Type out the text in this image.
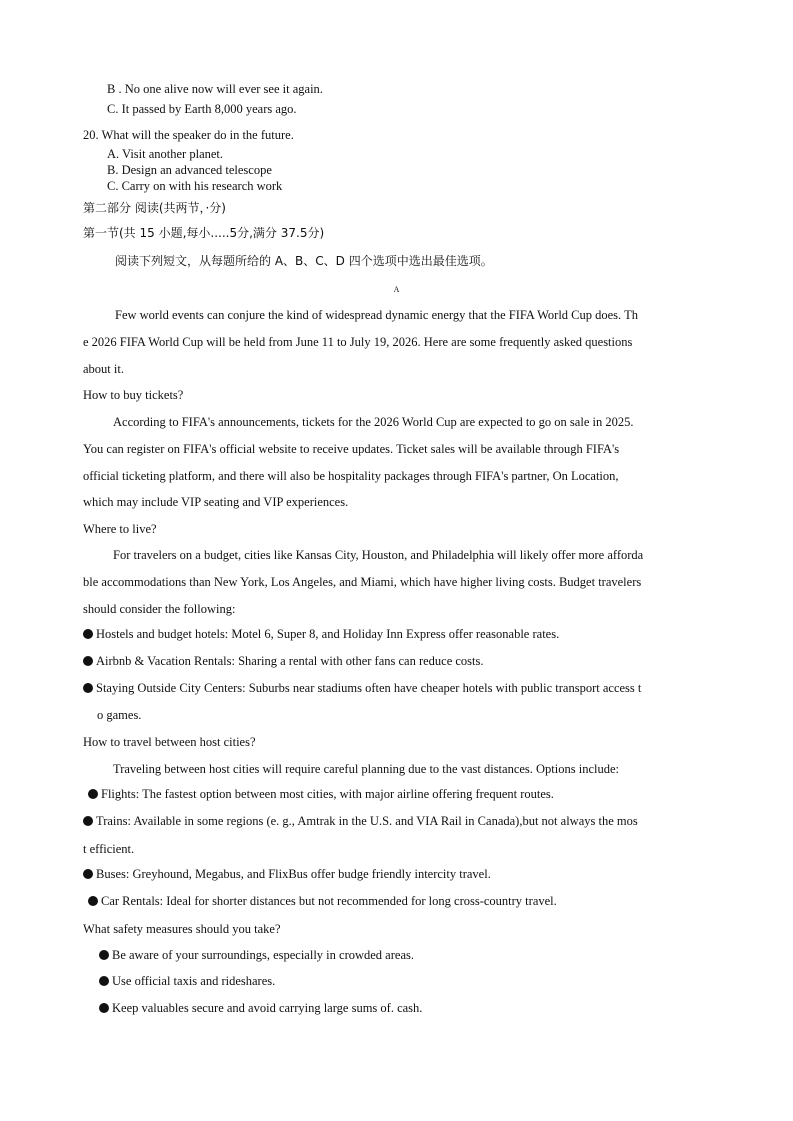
B . No one alive now will ever see it again.
C. It passed by Earth 8,000 years ago.
20. What will the speaker do in the future.
A. Visit another planet.
B. Design an advanced telescope
C. Carry on with his research work
第二部分 阅读(共两节，·分)
第一节(共 15 小题,每小.....5分,满分 37.5分)
阅读下列短文，从每题所给的 A、B、C、D 四个选项中选出最佳选项。
A
Few world events can conjure the kind of widespread dynamic energy that the FIFA World Cup does. Th
e 2026 FIFA World Cup will be held from June 11 to July 19, 2026. Here are some frequently asked questions
about it.
How to buy tickets?
According to FIFA's announcements, tickets for the 2026 World Cup are expected to go on sale in 2025.
You can register on FIFA's official website to receive updates. Ticket sales will be available through FIFA's
official ticketing platform, and there will also be hospitality packages through FIFA's partner, On Location,
which may include VIP seating and VIP experiences.
Where to live?
For travelers on a budget, cities like Kansas City, Houston, and Philadelphia will likely offer more afforda
ble accommodations than New York, Los Angeles, and Miami, which have higher living costs. Budget travelers
should consider the following:
Hostels and budget hotels: Motel 6, Super 8, and Holiday Inn Express offer reasonable rates.
Airbnb & Vacation Rentals: Sharing a rental with other fans can reduce costs.
Staying Outside City Centers: Suburbs near stadiums often have cheaper hotels with public transport access t
o games.
How to travel between host cities?
Traveling between host cities will require careful planning due to the vast distances. Options include:
Flights: The fastest option between most cities, with major airline offering frequent routes.
Trains: Available in some regions (e. g., Amtrak in the U.S. and VIA Rail in Canada),but not always the mos
t efficient.
Buses: Greyhound, Megabus, and FlixBus offer budge friendly intercity travel.
Car Rentals: Ideal for shorter distances but not recommended for long cross-country travel.
What safety measures should you take?
Be aware of your surroundings, especially in crowded areas.
Use official taxis and rideshares.
Keep valuables secure and avoid carrying large sums of. cash.
